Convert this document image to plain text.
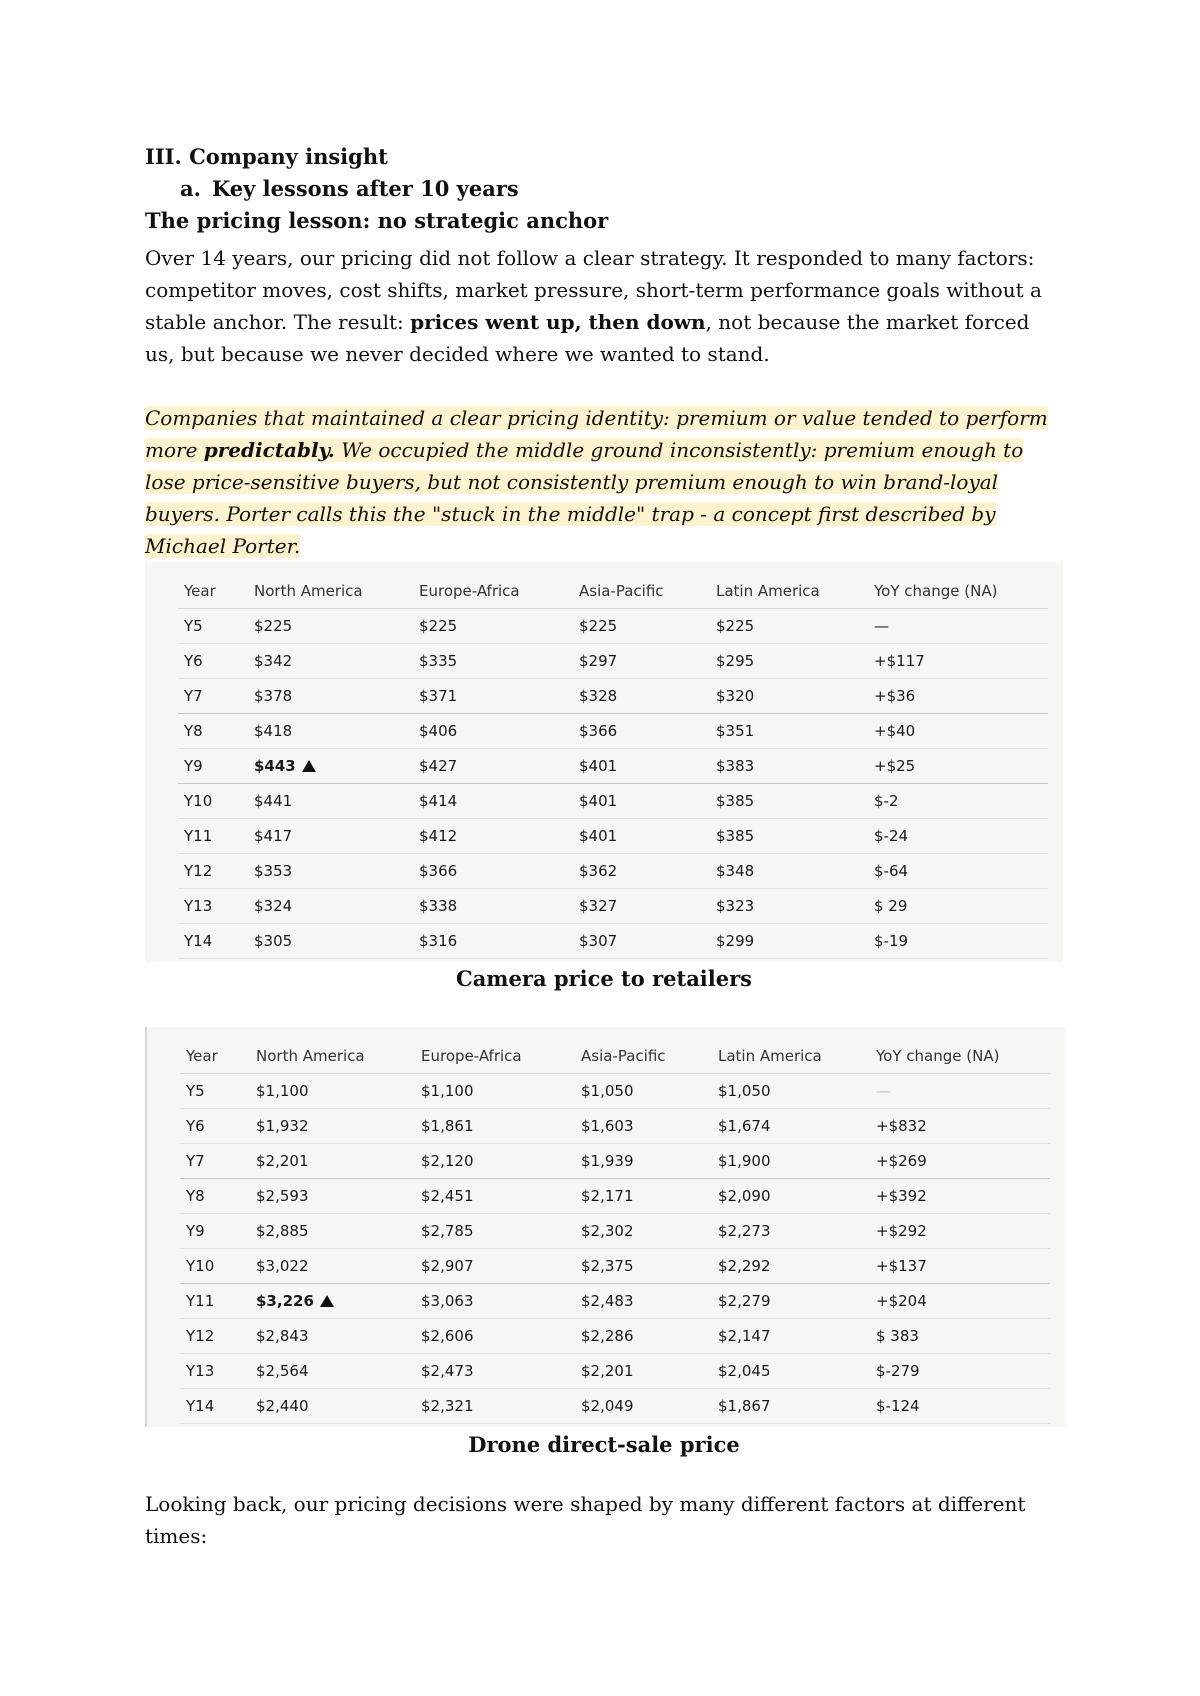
III. Company insight
a. Key lessons after 10 years
The pricing lesson: no strategic anchor

Over 14 years, our pricing did not follow a clear strategy. It responded to many factors: competitor moves, cost shifts, market pressure, short-term performance goals without a stable anchor. The result: prices went up, then down, not because the market forced us, but because we never decided where we wanted to stand.

Companies that maintained a clear pricing identity: premium or value tended to perform more predictably. We occupied the middle ground inconsistently: premium enough to lose price-sensitive buyers, but not consistently premium enough to win brand-loyal buyers. Porter calls this the "stuck in the middle" trap - a concept first described by Michael Porter.

Year	North America	Europe-Africa	Asia-Pacific	Latin America	YoY change (NA)
Y5	$225	$225	$225	$225	—
Y6	$342	$335	$297	$295	+$117
Y7	$378	$371	$328	$320	+$36
Y8	$418	$406	$366	$351	+$40
Y9	$443	$427	$401	$383	+$25
Y10	$441	$414	$401	$385	$-2
Y11	$417	$412	$401	$385	$-24
Y12	$353	$366	$362	$348	$-64
Y13	$324	$338	$327	$323	$ 29
Y14	$305	$316	$307	$299	$-19
Camera price to retailers
Year	North America	Europe-Africa	Asia-Pacific	Latin America	YoY change (NA)
Y5	$1,100	$1,100	$1,050	$1,050	—
Y6	$1,932	$1,861	$1,603	$1,674	+$832
Y7	$2,201	$2,120	$1,939	$1,900	+$269
Y8	$2,593	$2,451	$2,171	$2,090	+$392
Y9	$2,885	$2,785	$2,302	$2,273	+$292
Y10	$3,022	$2,907	$2,375	$2,292	+$137
Y11	$3,226	$3,063	$2,483	$2,279	+$204
Y12	$2,843	$2,606	$2,286	$2,147	$ 383
Y13	$2,564	$2,473	$2,201	$2,045	$-279
Y14	$2,440	$2,321	$2,049	$1,867	$-124
Drone direct-sale price

Looking back, our pricing decisions were shaped by many different factors at different times:
